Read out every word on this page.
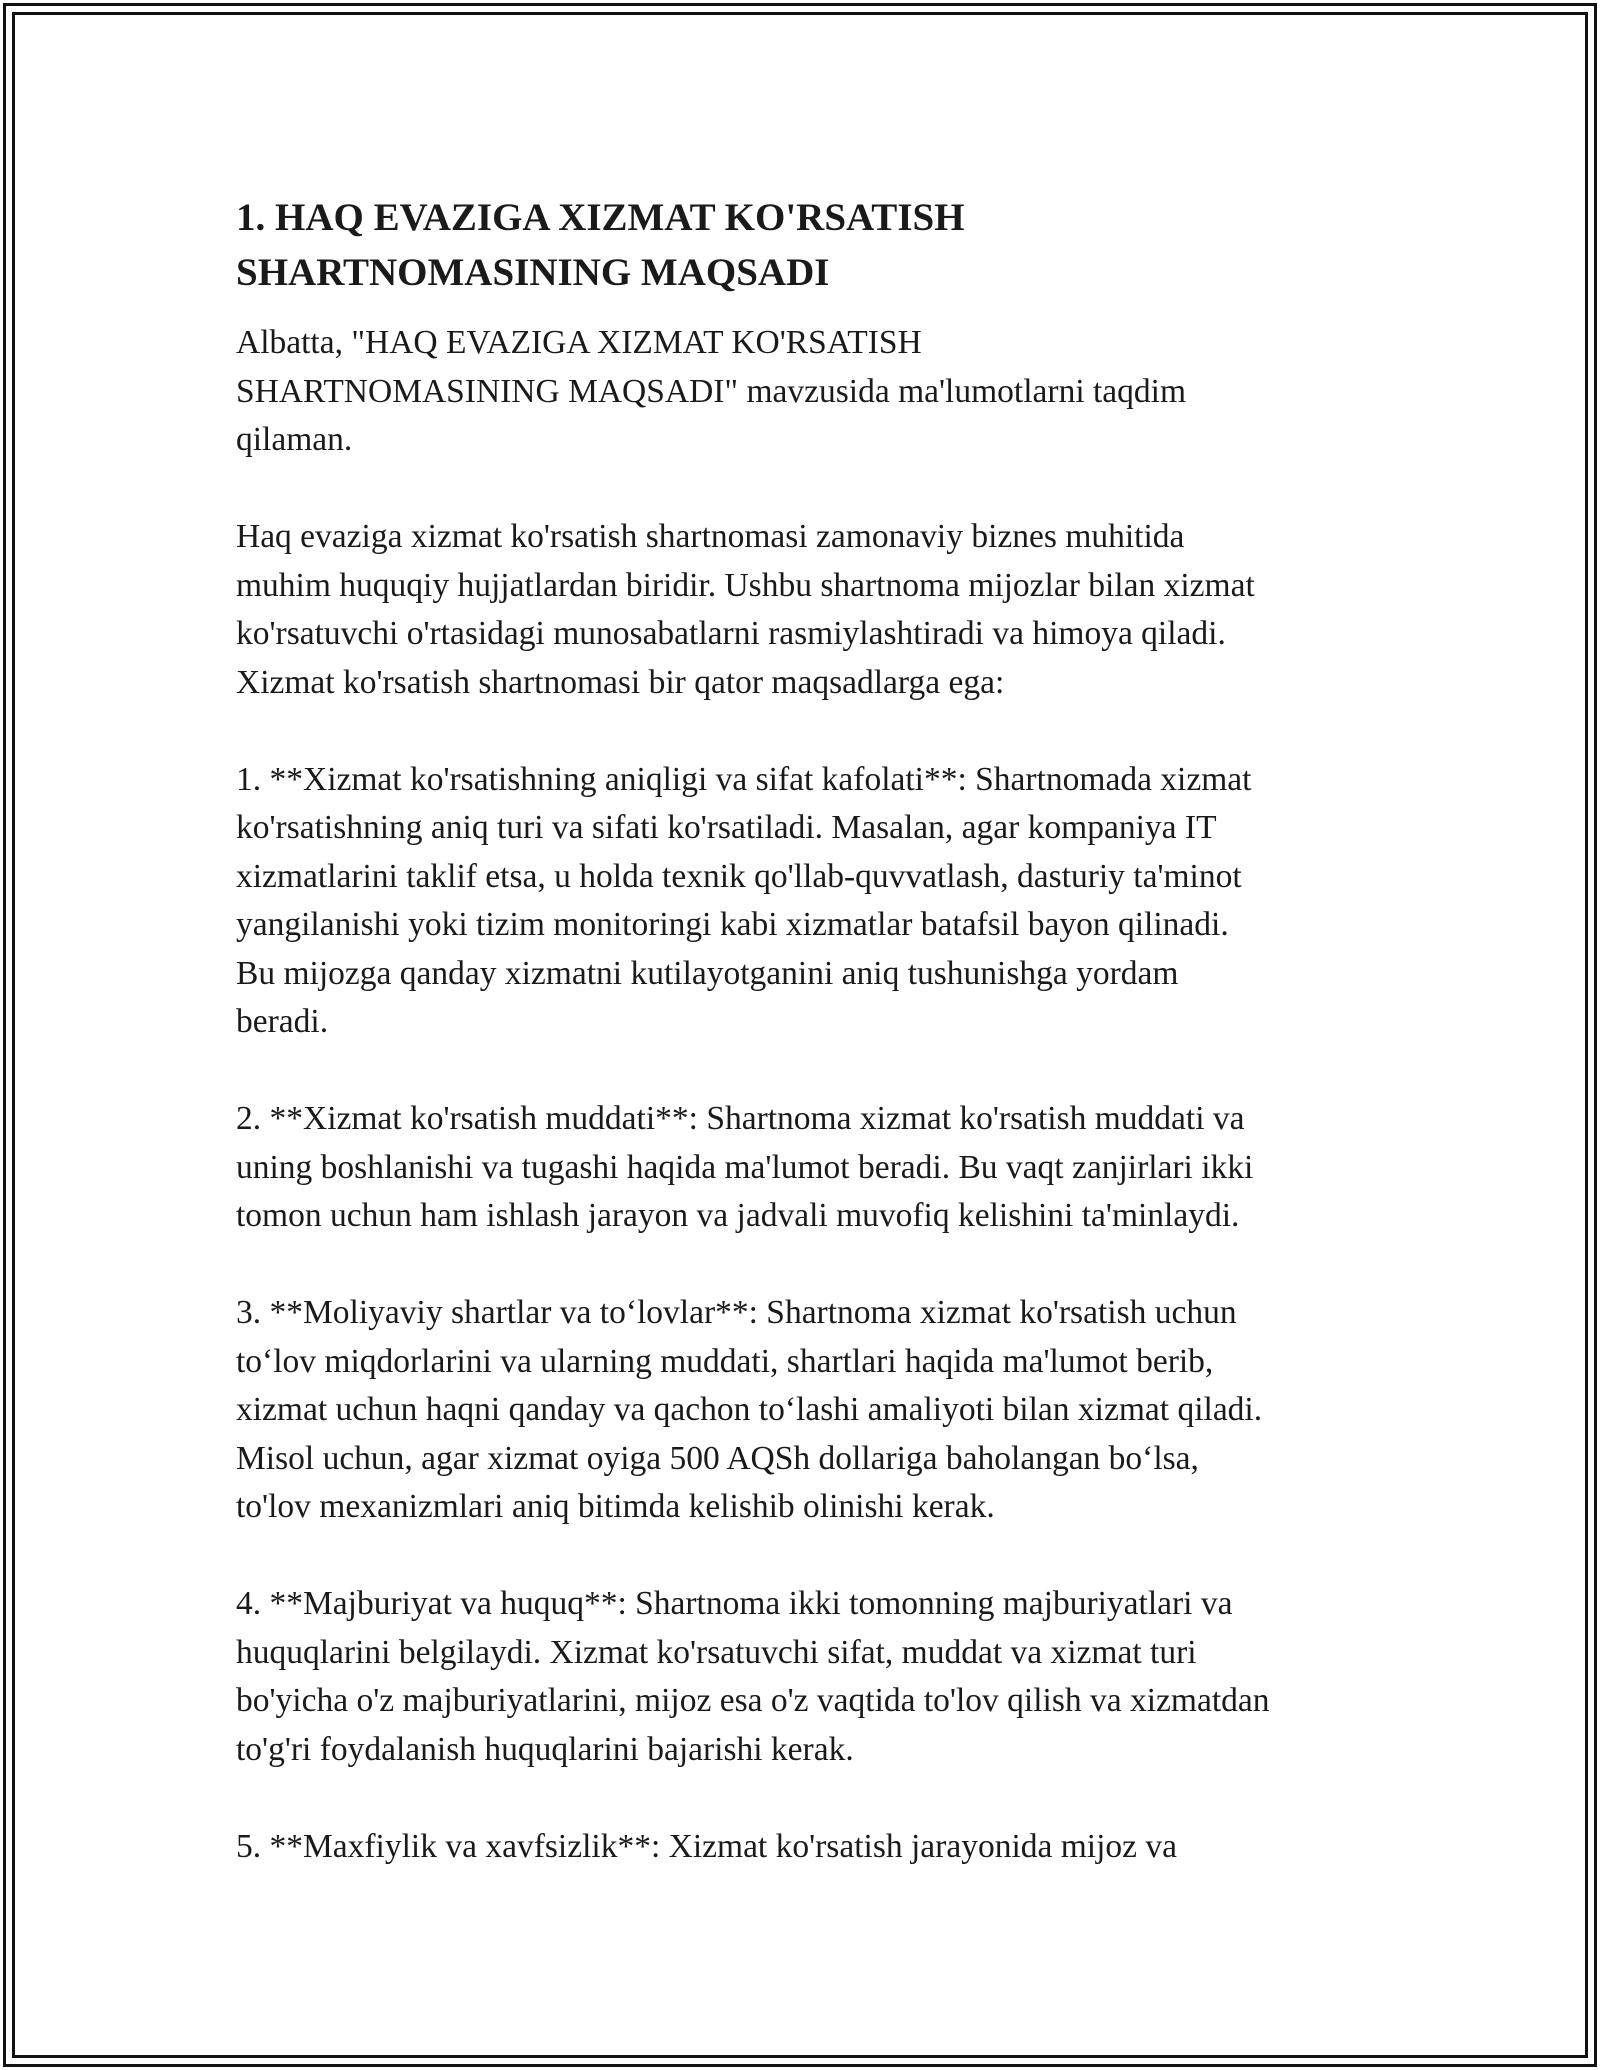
1. HAQ EVAZIGA XIZMAT KO'RSATISH
SHARTNOMASINING MAQSADI

Albatta, "HAQ EVAZIGA XIZMAT KO'RSATISH
SHARTNOMASINING MAQSADI" mavzusida ma'lumotlarni taqdim
qilaman.

Haq evaziga xizmat ko'rsatish shartnomasi zamonaviy biznes muhitida
muhim huquqiy hujjatlardan biridir. Ushbu shartnoma mijozlar bilan xizmat
ko'rsatuvchi o'rtasidagi munosabatlarni rasmiylashtiradi va himoya qiladi.
Xizmat ko'rsatish shartnomasi bir qator maqsadlarga ega:

1. **Xizmat ko'rsatishning aniqligi va sifat kafolati**: Shartnomada xizmat
ko'rsatishning aniq turi va sifati ko'rsatiladi. Masalan, agar kompaniya IT
xizmatlarini taklif etsa, u holda texnik qo'llab-quvvatlash, dasturiy ta'minot
yangilanishi yoki tizim monitoringi kabi xizmatlar batafsil bayon qilinadi.
Bu mijozga qanday xizmatni kutilayotganini aniq tushunishga yordam
beradi.

2. **Xizmat ko'rsatish muddati**: Shartnoma xizmat ko'rsatish muddati va
uning boshlanishi va tugashi haqida ma'lumot beradi. Bu vaqt zanjirlari ikki
tomon uchun ham ishlash jarayon va jadvali muvofiq kelishini ta'minlaydi.

3. **Moliyaviy shartlar va to‘lovlar**: Shartnoma xizmat ko'rsatish uchun
to‘lov miqdorlarini va ularning muddati, shartlari haqida ma'lumot berib,
xizmat uchun haqni qanday va qachon to‘lashi amaliyoti bilan xizmat qiladi.
Misol uchun, agar xizmat oyiga 500 AQSh dollariga baholangan bo‘lsa,
to'lov mexanizmlari aniq bitimda kelishib olinishi kerak.

4. **Majburiyat va huquq**: Shartnoma ikki tomonning majburiyatlari va
huquqlarini belgilaydi. Xizmat ko'rsatuvchi sifat, muddat va xizmat turi
bo'yicha o'z majburiyatlarini, mijoz esa o'z vaqtida to'lov qilish va xizmatdan
to'g'ri foydalanish huquqlarini bajarishi kerak.

5. **Maxfiylik va xavfsizlik**: Xizmat ko'rsatish jarayonida mijoz va
